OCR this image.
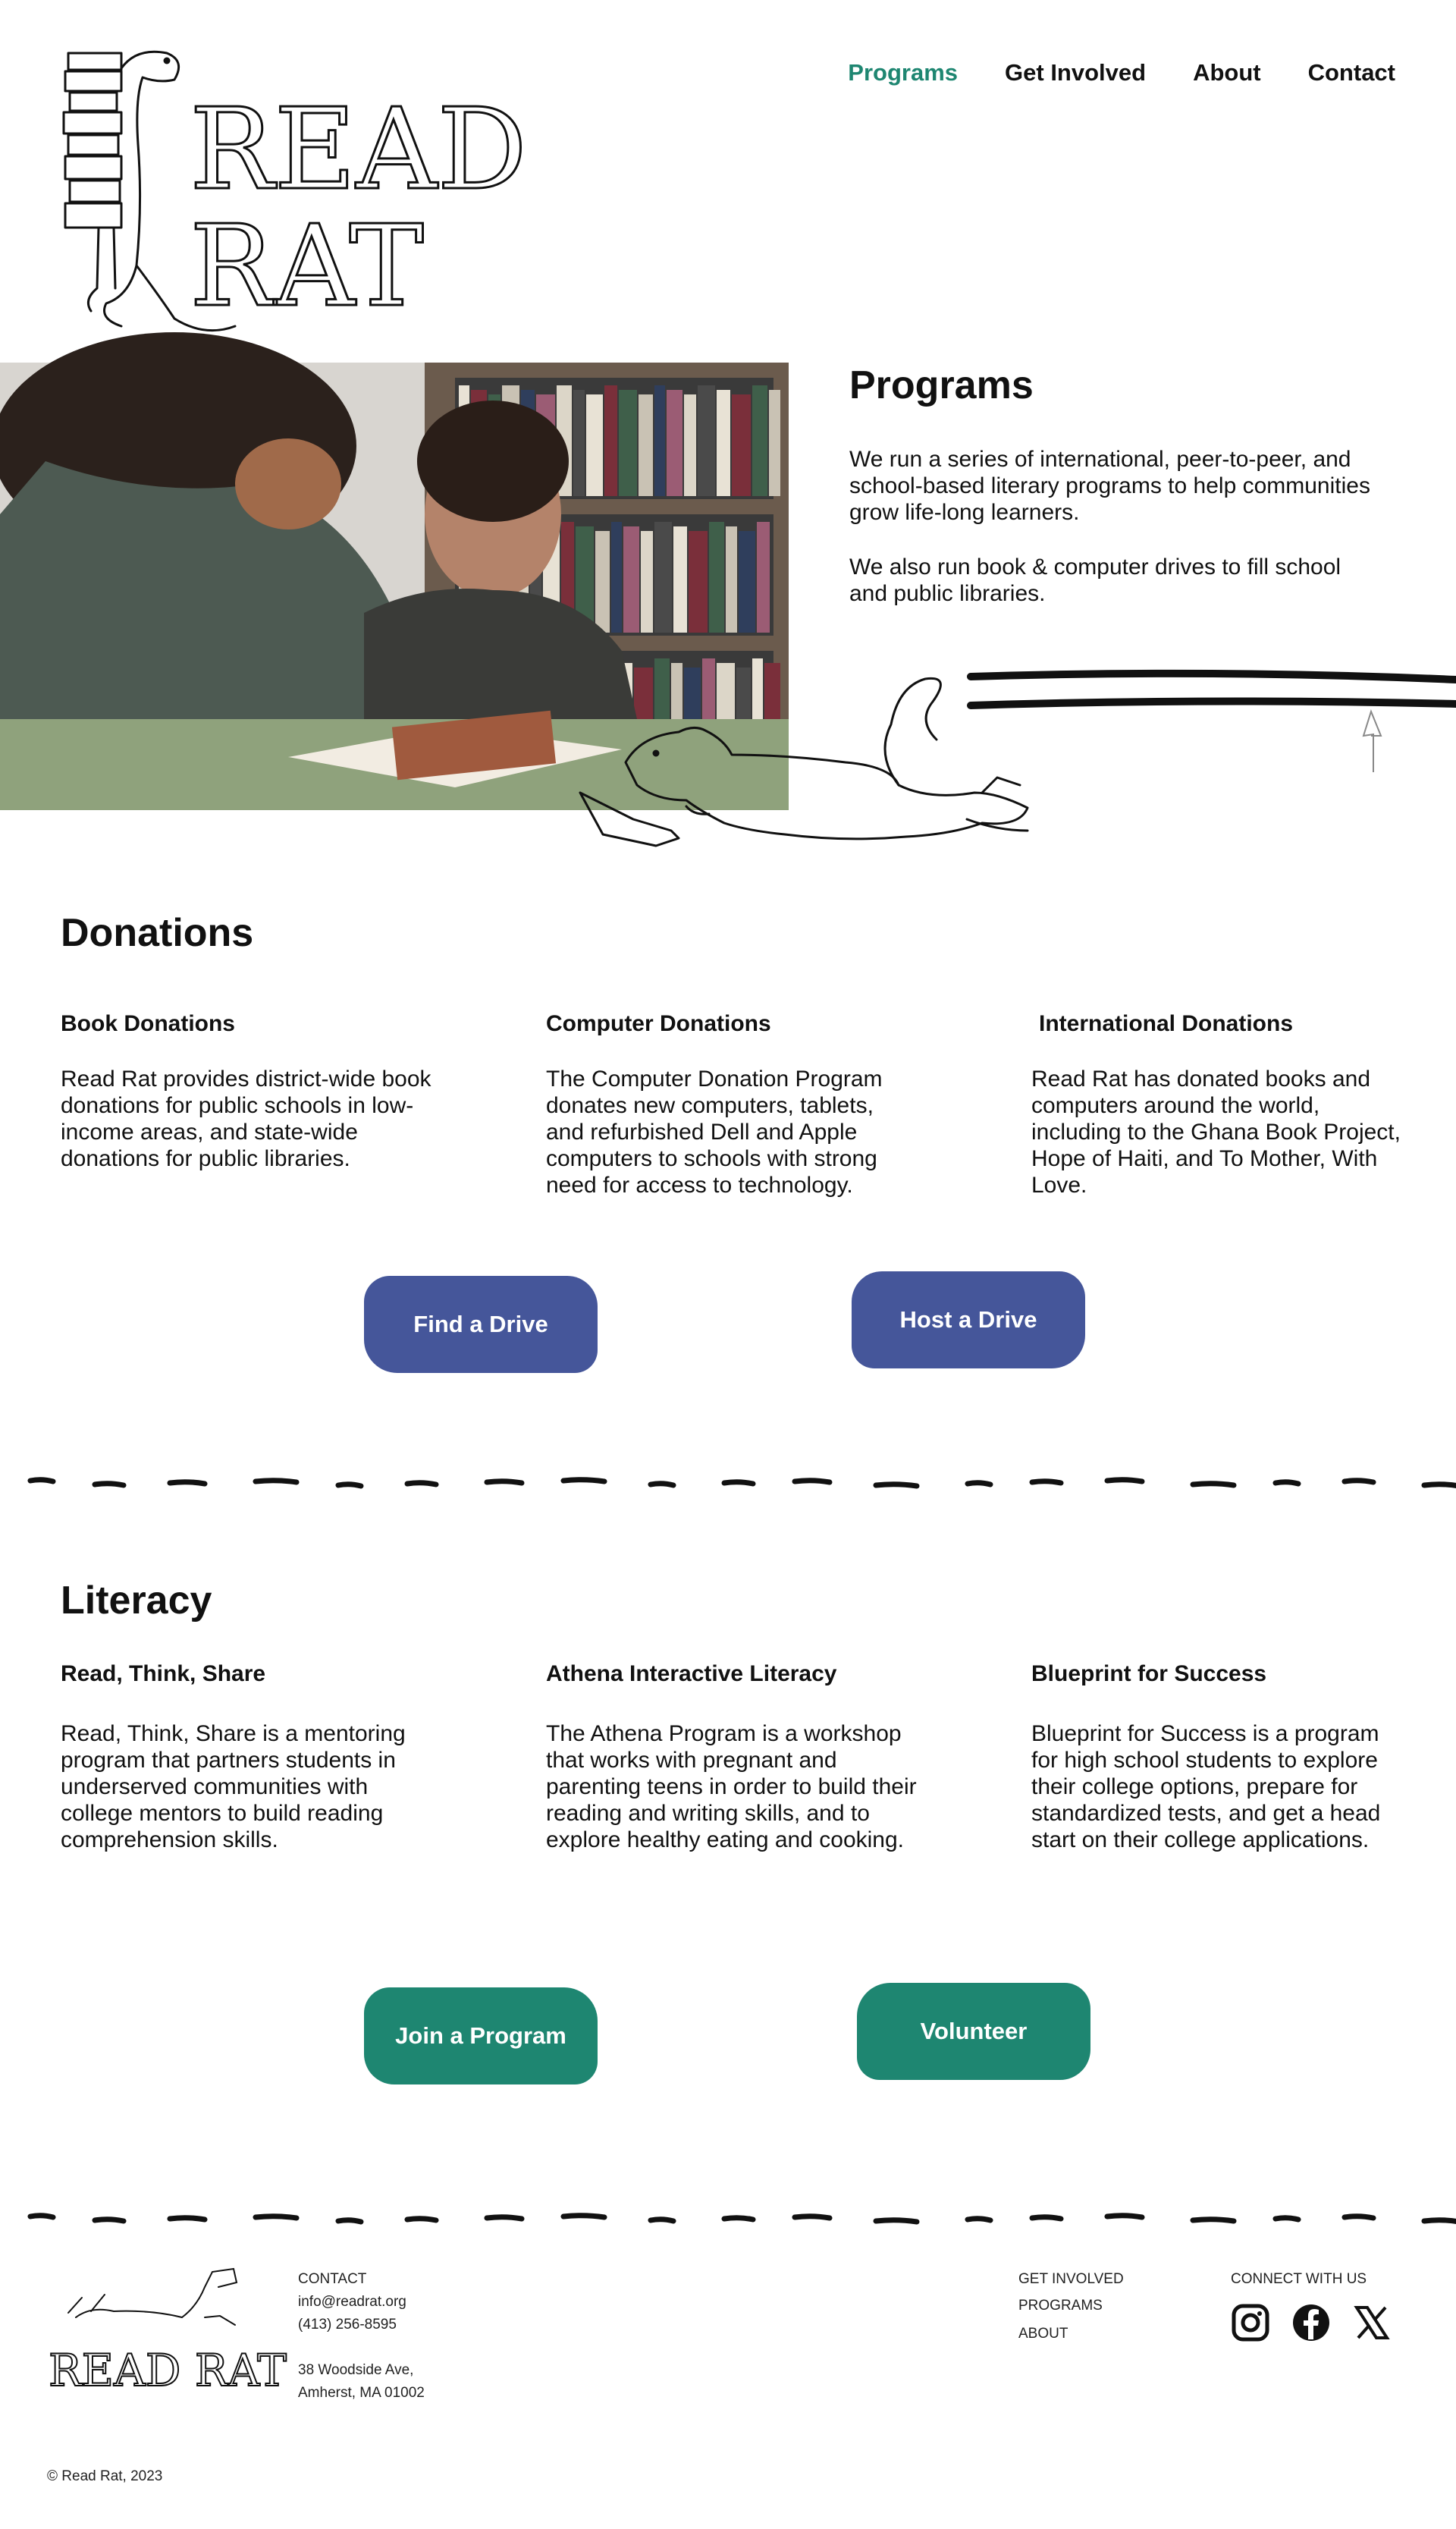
READ
RAT
Programs Get Involved About Contact
Programs

We run a series of international, peer-to-peer, and school-based literary programs to help communities grow life-long learners.

We also run book & computer drives to fill school and public libraries.

Donations
Book Donations

Read Rat provides district-wide book donations for public schools in low-income areas, and state-wide donations for public libraries.

Computer Donations

The Computer Donation Program donates new computers, tablets, and refurbished Dell and Apple computers to schools with strong need for access to technology.

International Donations

Read Rat has donated books and computers around the world, including to the Ghana Book Project, Hope of Haiti, and To Mother, With Love.

Find a Drive	Host a Drive
Literacy
Read, Think, Share

Read, Think, Share is a mentoring program that partners students in underserved communities with college mentors to build reading comprehension skills.

Athena Interactive Literacy

The Athena Program is a workshop that works with pregnant and parenting teens in order to build their reading and writing skills, and to explore healthy eating and cooking.

Blueprint for Success

Blueprint for Success is a program for high school students to explore their college options, prepare for standardized tests, and get a head start on their college applications.

Join a Program	Volunteer
READ RAT

CONTACT

info@readrat.org

(413) 256-8595

38 Woodside Ave,

Amherst, MA 01002

GET INVOLVED
PROGRAMS
ABOUT

CONNECT WITH US

© Read Rat, 2023
